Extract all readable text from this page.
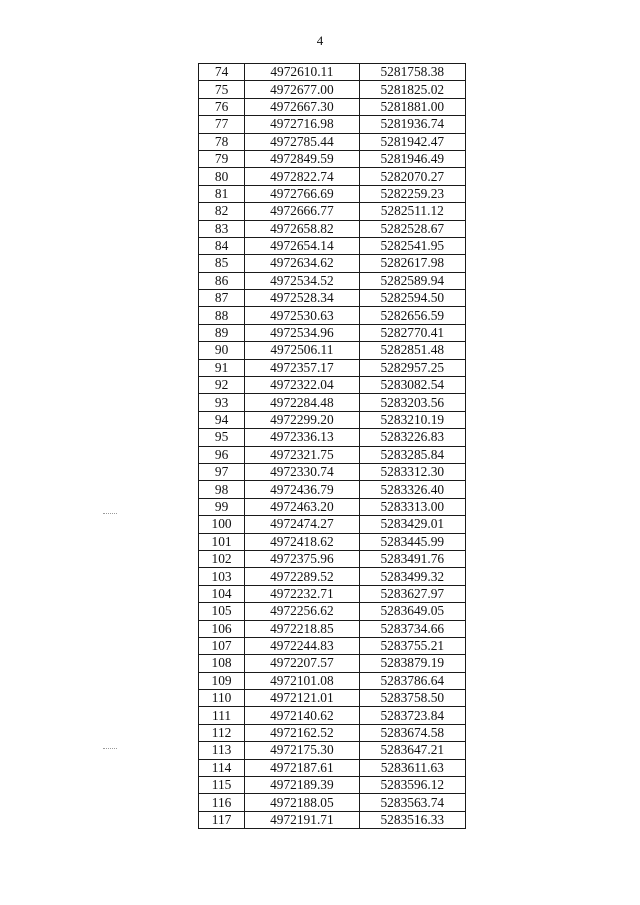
4
74	4972610.11	5281758.38
75	4972677.00	5281825.02
76	4972667.30	5281881.00
77	4972716.98	5281936.74
78	4972785.44	5281942.47
79	4972849.59	5281946.49
80	4972822.74	5282070.27
81	4972766.69	5282259.23
82	4972666.77	5282511.12
83	4972658.82	5282528.67
84	4972654.14	5282541.95
85	4972634.62	5282617.98
86	4972534.52	5282589.94
87	4972528.34	5282594.50
88	4972530.63	5282656.59
89	4972534.96	5282770.41
90	4972506.11	5282851.48
91	4972357.17	5282957.25
92	4972322.04	5283082.54
93	4972284.48	5283203.56
94	4972299.20	5283210.19
95	4972336.13	5283226.83
96	4972321.75	5283285.84
97	4972330.74	5283312.30
98	4972436.79	5283326.40
99	4972463.20	5283313.00
100	4972474.27	5283429.01
101	4972418.62	5283445.99
102	4972375.96	5283491.76
103	4972289.52	5283499.32
104	4972232.71	5283627.97
105	4972256.62	5283649.05
106	4972218.85	5283734.66
107	4972244.83	5283755.21
108	4972207.57	5283879.19
109	4972101.08	5283786.64
110	4972121.01	5283758.50
111	4972140.62	5283723.84
112	4972162.52	5283674.58
113	4972175.30	5283647.21
114	4972187.61	5283611.63
115	4972189.39	5283596.12
116	4972188.05	5283563.74
117	4972191.71	5283516.33
